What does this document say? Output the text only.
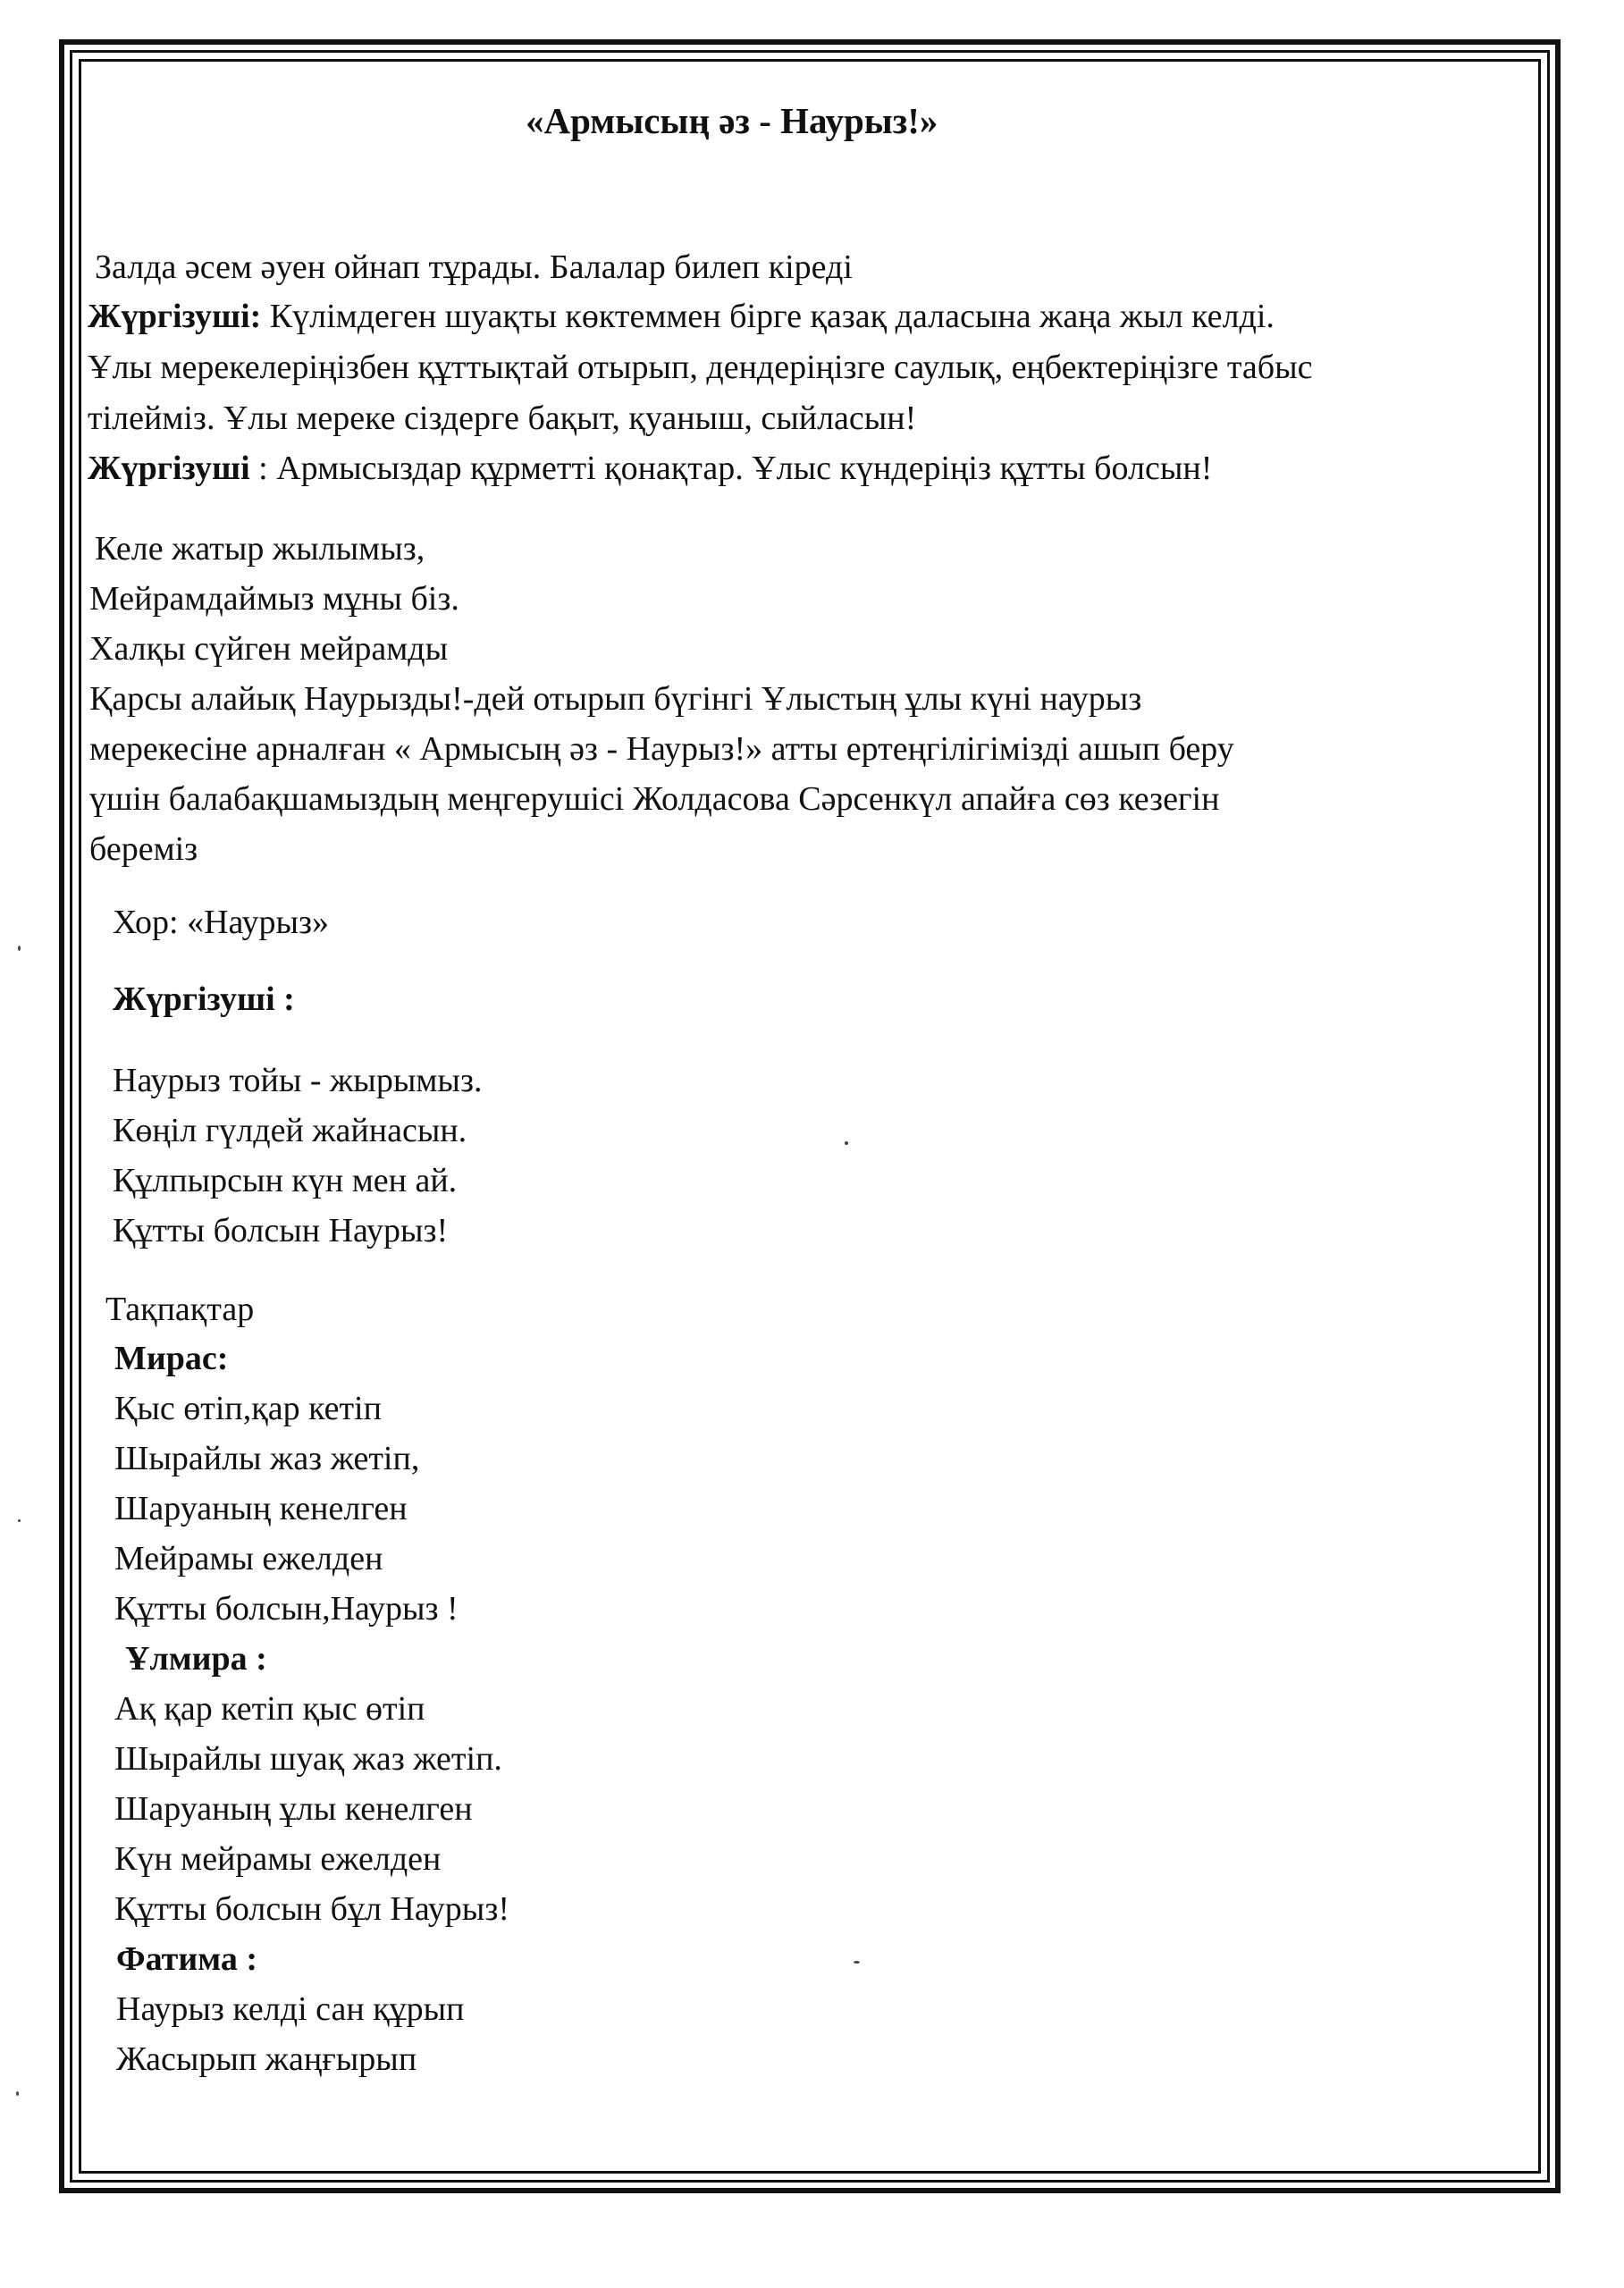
«Армысың әз - Наурыз!»
Залда әсем әуен ойнап тұрады. Балалар билеп кіреді
Жүргізуші: Күлімдеген шуақты көктеммен бірге қазақ даласына жаңа жыл келді.
Ұлы мерекелеріңізбен құттықтай отырып, дендеріңізге саулық, еңбектеріңізге табыс
тілейміз. Ұлы мереке сіздерге бақыт, қуаныш, сыйласын!
Жүргізуші : Армысыздар құрметті қонақтар. Ұлыс күндеріңіз құтты болсын!
Келе жатыр жылымыз,
Мейрамдаймыз мұны біз.
Халқы сүйген мейрамды
Қарсы алайық Наурызды!-дей отырып бүгінгі Ұлыстың ұлы күні наурыз
мерекесіне арналған « Армысың әз - Наурыз!» атты ертеңгілігімізді ашып беру
үшін балабақшамыздың меңгерушісі Жолдасова Сәрсенкүл апайға сөз кезегін
береміз
Хор: «Наурыз»
Жүргізуші :
Наурыз тойы - жырымыз.
Көңіл гүлдей жайнасын.
Құлпырсын күн мен ай.
Құтты болсын Наурыз!
Тақпақтар
Мирас:
Қыс өтіп,қар кетіп
Шырайлы жаз жетіп,
Шаруаның кенелген
Мейрамы ежелден
Құтты болсын,Наурыз !
Ұлмира :
Ақ қар кетіп қыс өтіп
Шырайлы шуақ жаз жетіп.
Шаруаның ұлы кенелген
Күн мейрамы ежелден
Құтты болсын бұл Наурыз!
Фатима :
Наурыз келді сан құрып
Жасырып жаңғырып
